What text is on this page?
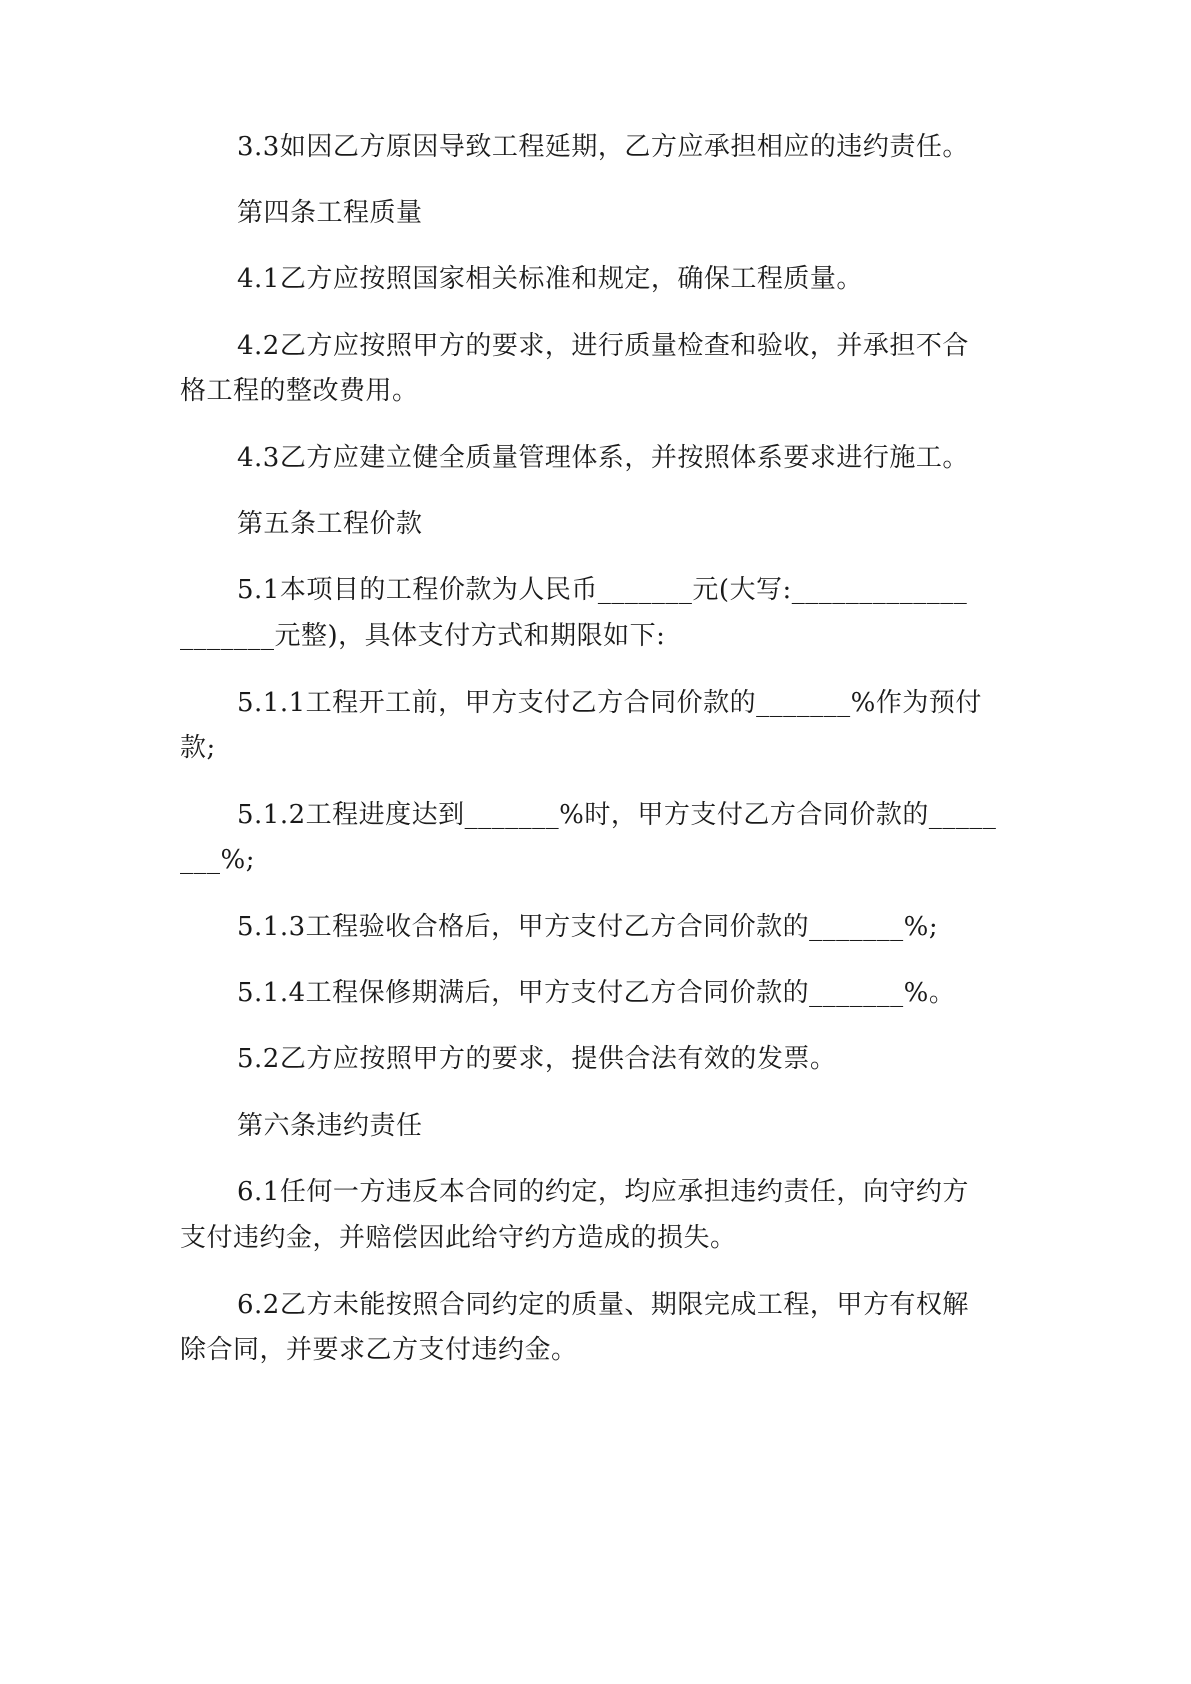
3.3如因乙方原因导致工程延期，乙方应承担相应的违约责任。
第四条工程质量
4.1乙方应按照国家相关标准和规定，确保工程质量。
4.2乙方应按照甲方的要求，进行质量检查和验收，并承担不合
格工程的整改费用。
4.3乙方应建立健全质量管理体系，并按照体系要求进行施工。
第五条工程价款
5.1本项目的工程价款为人民币_______元(大写:_____________
_______元整)，具体支付方式和期限如下:
5.1.1工程开工前，甲方支付乙方合同价款的_______%作为预付
款;
5.1.2工程进度达到_______%时，甲方支付乙方合同价款的_____
___%;
5.1.3工程验收合格后，甲方支付乙方合同价款的_______%;
5.1.4工程保修期满后，甲方支付乙方合同价款的_______%。
5.2乙方应按照甲方的要求，提供合法有效的发票。
第六条违约责任
6.1任何一方违反本合同的约定，均应承担违约责任，向守约方
支付违约金，并赔偿因此给守约方造成的损失。
6.2乙方未能按照合同约定的质量、期限完成工程，甲方有权解
除合同，并要求乙方支付违约金。
